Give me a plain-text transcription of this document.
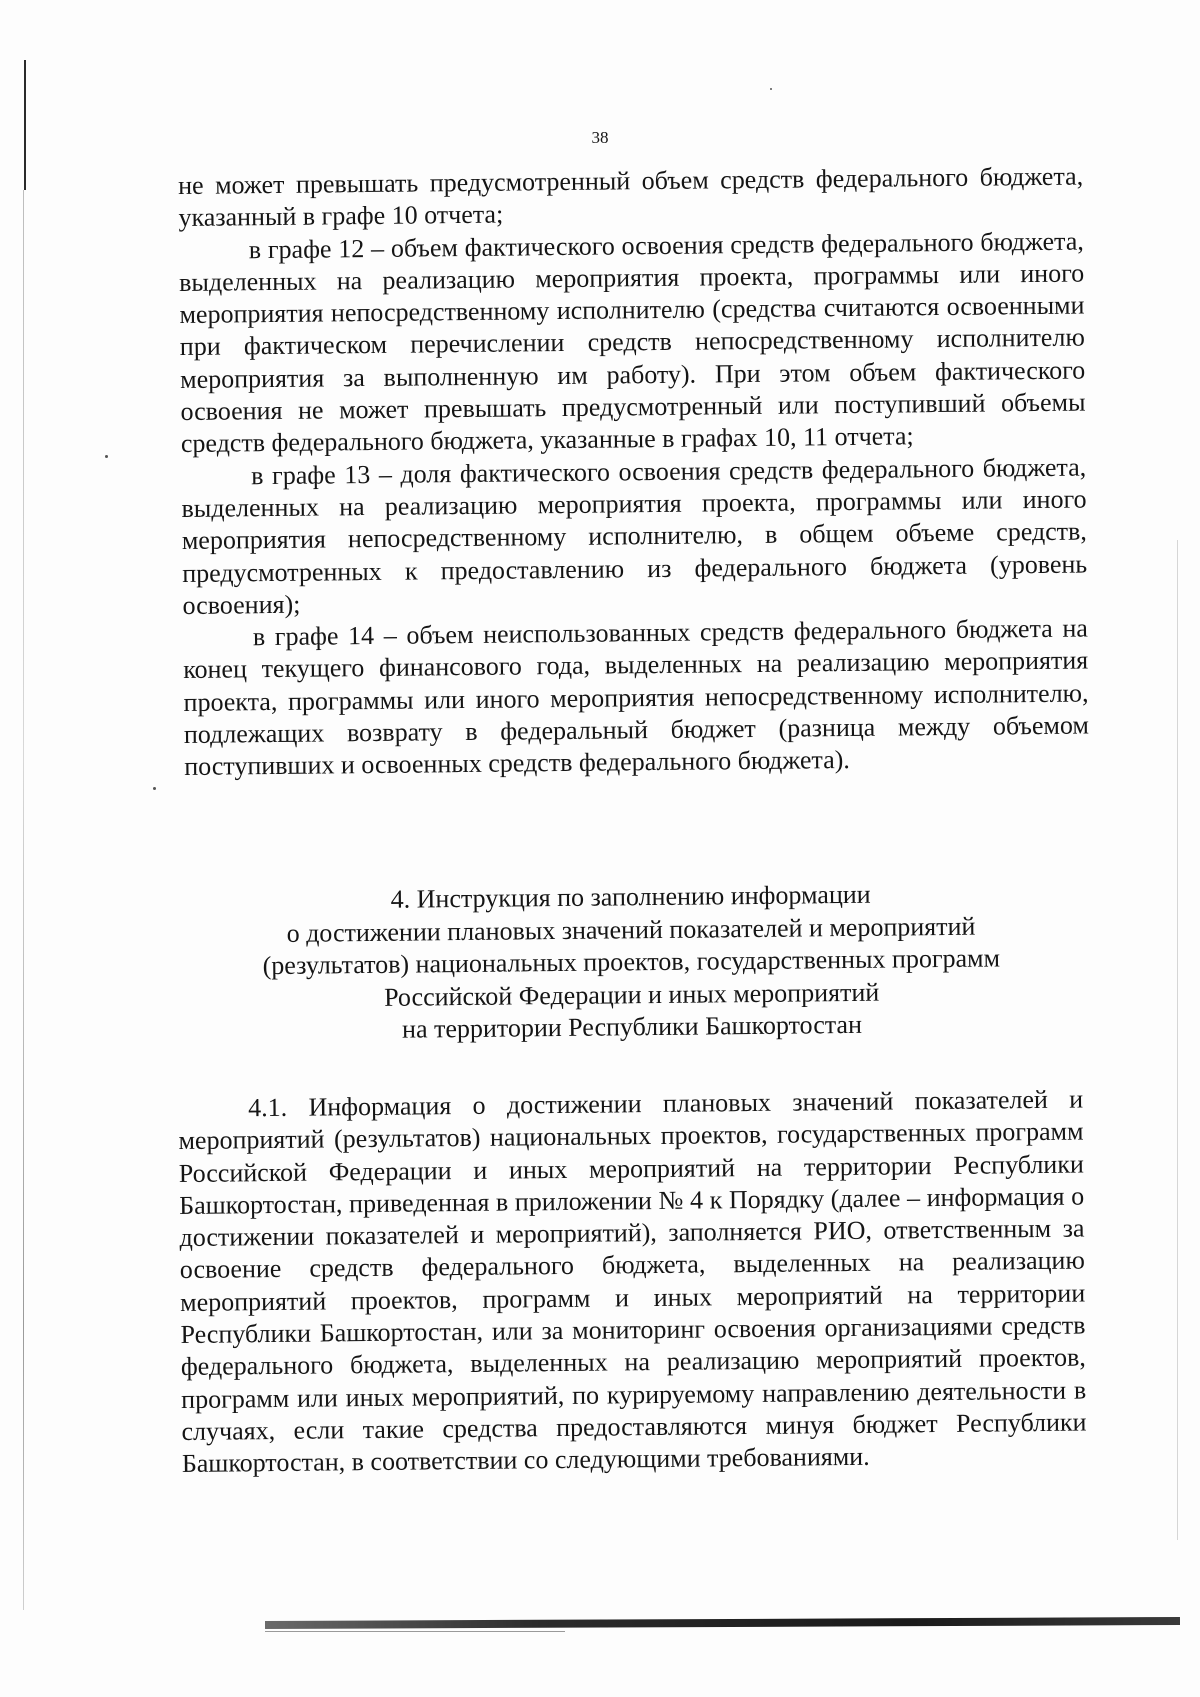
38

не может превышать предусмотренный объем средств федерального бюджета, указанный в графе 10 отчета;

в графе 12 – объем фактического освоения средств федерального бюджета, выделенных на реализацию мероприятия проекта, программы или иного мероприятия непосредственному исполнителю (средства считаются освоенными при фактическом перечислении средств непосредственному исполнителю мероприятия за выполненную им работу). При этом объем фактического освоения не может превышать предусмотренный или поступивший объемы средств федерального бюджета, указанные в графах 10, 11 отчета;

в графе 13 – доля фактического освоения средств федерального бюджета, выделенных на реализацию мероприятия проекта, программы или иного мероприятия непосредственному исполнителю, в общем объеме средств, предусмотренных к предоставлению из федерального бюджета (уровень освоения);

в графе 14 – объем неиспользованных средств федерального бюджета на конец текущего финансового года, выделенных на реализацию мероприятия проекта, программы или иного мероприятия непосредственному исполнителю, подлежащих возврату в федеральный бюджет (разница между объемом поступивших и освоенных средств федерального бюджета).

4. Инструкция по заполнению информации
о достижении плановых значений показателей и мероприятий
(результатов) национальных проектов, государственных программ
Российской Федерации и иных мероприятий
на территории Республики Башкортостан

4.1. Информация о достижении плановых значений показателей и мероприятий (результатов) национальных проектов, государственных программ Российской Федерации и иных мероприятий на территории Республики Башкортостан, приведенная в приложении № 4 к Порядку (далее – информация о достижении показателей и мероприятий), заполняется РИО, ответственным за освоение средств федерального бюджета, выделенных на реализацию мероприятий проектов, программ и иных мероприятий на территории Республики Башкортостан, или за мониторинг освоения организациями средств федерального бюджета, выделенных на реализацию мероприятий проектов, программ или иных мероприятий, по курируемому направлению деятельности в случаях, если такие средства предоставляются минуя бюджет Республики Башкортостан, в соответствии со следующими требованиями.
